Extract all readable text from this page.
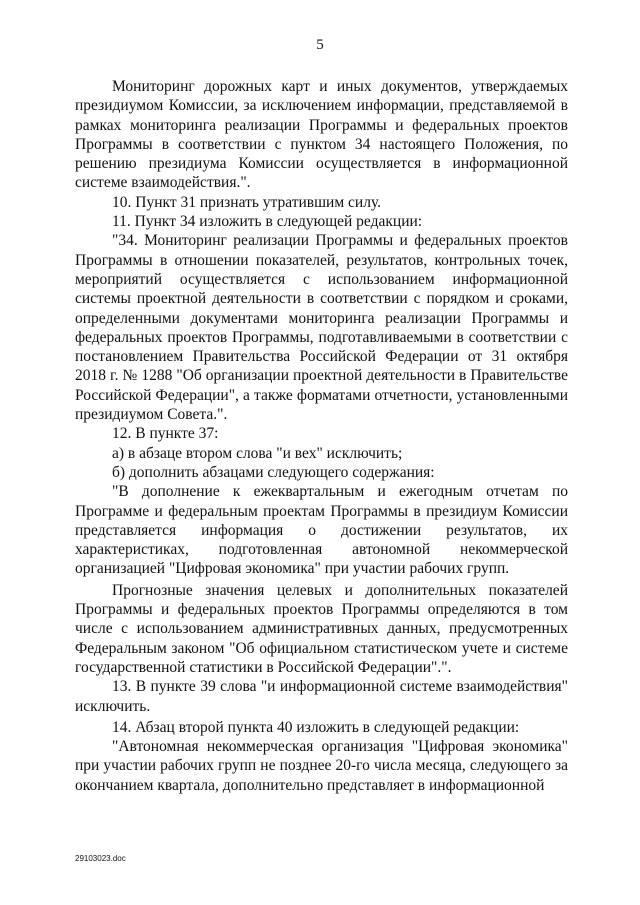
5

Мониторинг дорожных карт и иных документов, утверждаемых президиумом Комиссии, за исключением информации, представляемой в рамках мониторинга реализации Программы и федеральных проектов Программы в соответствии с пунктом 34 настоящего Положения, по решению президиума Комиссии осуществляется в информационной системе взаимодействия.".

10. Пункт 31 признать утратившим силу.

11. Пункт 34 изложить в следующей редакции:

"34. Мониторинг реализации Программы и федеральных проектов Программы в отношении показателей, результатов, контрольных точек, мероприятий осуществляется с использованием информационной системы проектной деятельности в соответствии с порядком и сроками, определенными документами мониторинга реализации Программы и федеральных проектов Программы, подготавливаемыми в соответствии с постановлением Правительства Российской Федерации от 31 октября 2018 г. № 1288 "Об организации проектной деятельности в Правительстве Российской Федерации", а также форматами отчетности, установленными президиумом Совета.".

12. В пункте 37:

а) в абзаце втором слова "и вех" исключить;

б) дополнить абзацами следующего содержания:

"В дополнение к ежеквартальным и ежегодным отчетам по Программе и федеральным проектам Программы в президиум Комиссии представляется информация о достижении результатов, их характеристиках, подготовленная автономной некоммерческой организацией "Цифровая экономика" при участии рабочих групп.

Прогнозные значения целевых и дополнительных показателей Программы и федеральных проектов Программы определяются в том числе с использованием административных данных, предусмотренных Федеральным законом "Об официальном статистическом учете и системе государственной статистики в Российской Федерации".".

13. В пункте 39 слова "и информационной системе взаимодействия" исключить.

14. Абзац второй пункта 40 изложить в следующей редакции:

"Автономная некоммерческая организация "Цифровая экономика" при участии рабочих групп не позднее 20-го числа месяца, следующего за окончанием квартала, дополнительно представляет в информационной

29103023.doc
